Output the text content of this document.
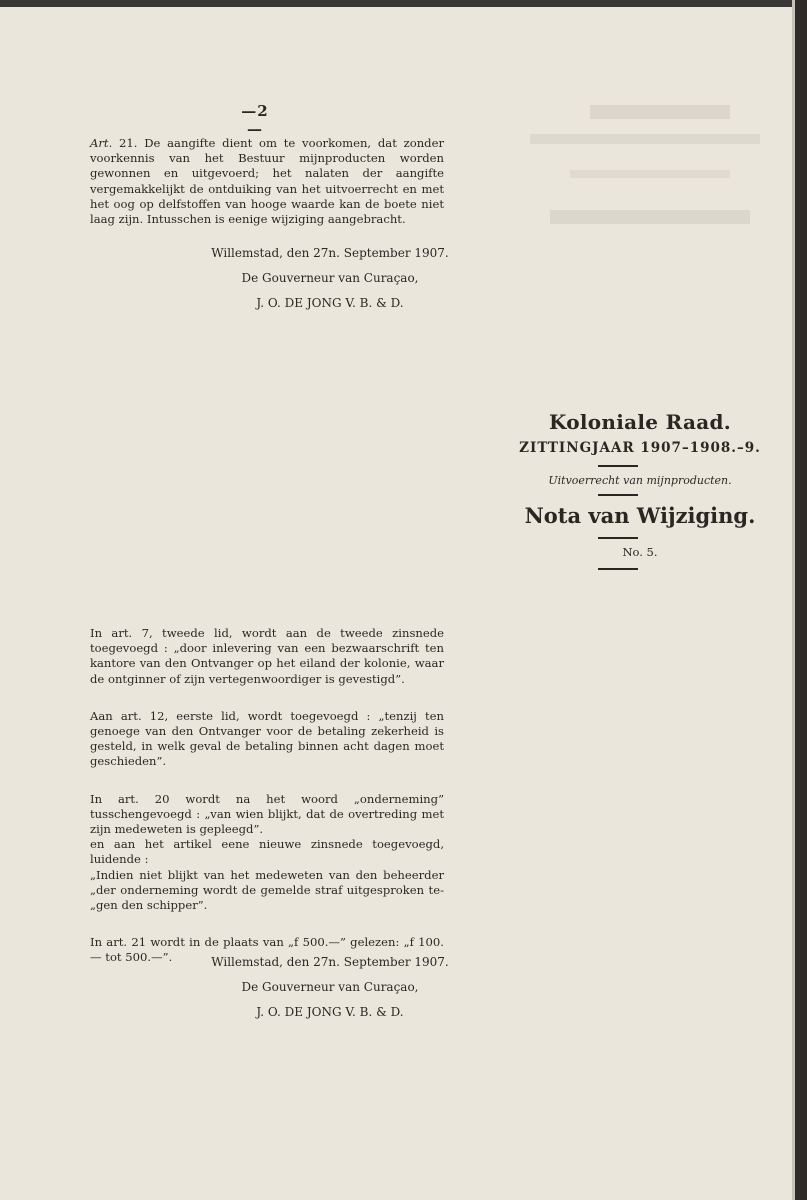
—2—

Art. 21. De aangifte dient om te voorkomen, dat zonder voorkennis van het Bestuur mijnproducten worden gewonnen en uitgevoerd; het nalaten der aangifte vergemakkelijkt de ontduiking van het uitvoerrecht en met het oog op delfstoffen van hooge waarde kan de boete niet laag zijn. Intusschen is eenige wijziging aangebracht.

Willemstad, den 27n. September 1907.
De Gouverneur van Curaçao,
J. O. DE JONG V. B. & D.
Koloniale Raad.
ZITTINGJAAR 1907–1908.–9.
Uitvoerrecht van mijnproducten.
Nota van Wijziging.
No. 5.

In art. 7, tweede lid, wordt aan de tweede zinsnede toegevoegd : „door inlevering van een bezwaarschrift ten kantore van den Ontvanger op het eiland der kolonie, waar de ontginner of zijn vertegenwoordiger is gevestigd”.

Aan art. 12, eerste lid, wordt toegevoegd : „tenzij ten genoege van den Ontvanger voor de betaling zekerheid is gesteld, in welk geval de betaling binnen acht dagen moet geschieden”.

In art. 20 wordt na het woord „onderneming” tusschengevoegd : „van wien blijkt, dat de overtreding met zijn medeweten is gepleegd”.

en aan het artikel eene nieuwe zinsnede toegevoegd, luidende :

„Indien niet blijkt van het medeweten van den beheerder „der onderneming wordt de gemelde straf uitgesproken te- „gen den schipper”.

In art. 21 wordt in de plaats van „f 500.—” gelezen: „f 100.— tot 500.—”.	Willemstad, den 27n. September 1907.
De Gouverneur van Curaçao,
J. O. DE JONG V. B. & D.
